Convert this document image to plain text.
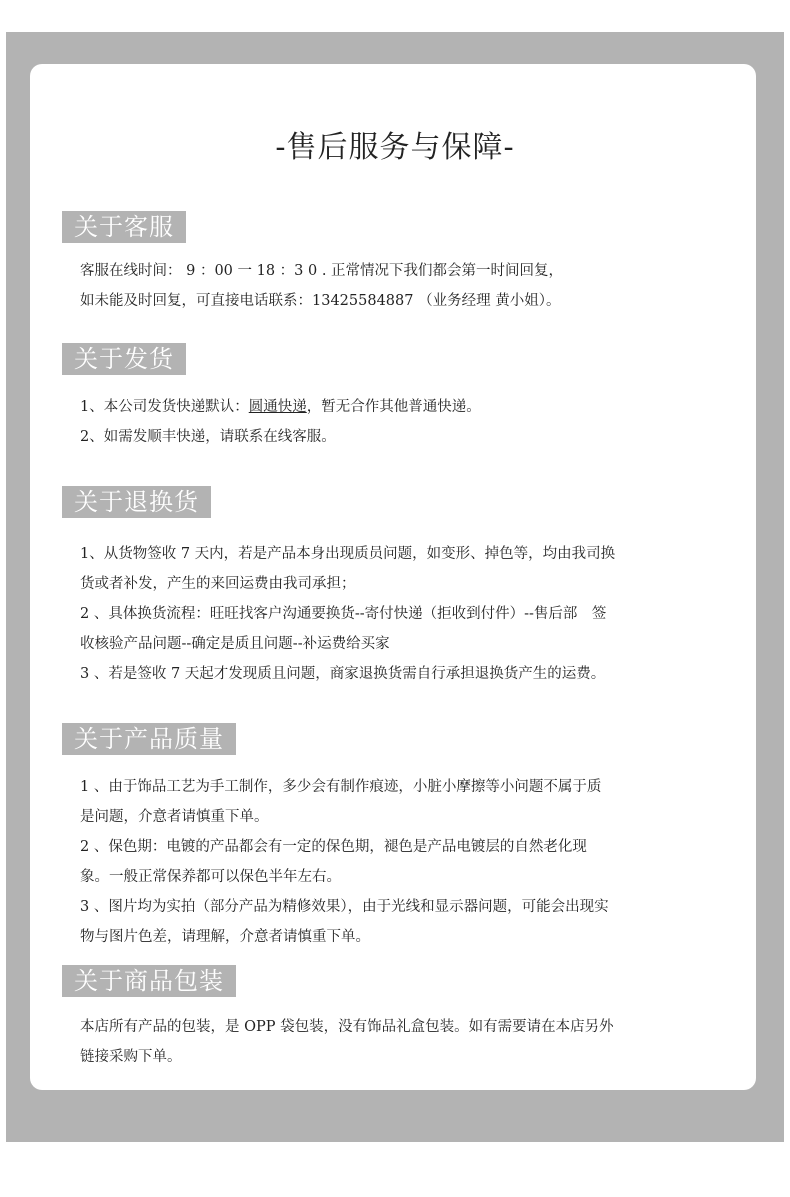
-售后服务与保障-
关于客服
客服在线时间： 9 ：00 一 18 ：3 0 . 正常情况下我们都会第一时间回复，
如未能及时回复，可直接电话联系：13425584887 （业务经理 黄小姐）。
关于发货
1、本公司发货快递默认：圆通快递，暂无合作其他普通快递。
2、如需发顺丰快递，请联系在线客服。
关于退换货
1、从货物签收 7 天内，若是产品本身出现质员问题，如变形、掉色等，均由我司换
货或者补发，产生的来回运费由我司承担；
2 、具体换货流程：旺旺找客户沟通要换货--寄付快递（拒收到付件）--售后部　签
收核验产品问题--确定是质且问题--补运费给买家
3 、若是签收 7 天起才发现质且问题，商家退换货需自行承担退换货产生的运费。
关于产品质量
1 、由于饰品工艺为手工制作，多少会有制作痕迹，小脏小摩擦等小问题不属于质
是问题，介意者请慎重下单。
2 、保色期：电镀的产品都会有一定的保色期，褪色是产品电镀层的自然老化现
象。一般正常保养都可以保色半年左右。
3 、图片均为实拍（部分产品为精修效果），由于光线和显示器问题，可能会出现实
物与图片色差，请理解，介意者请慎重下单。
关于商品包装
本店所有产品的包装，是 OPP 袋包装，没有饰品礼盒包装。如有需要请在本店另外
链接采购下单。
